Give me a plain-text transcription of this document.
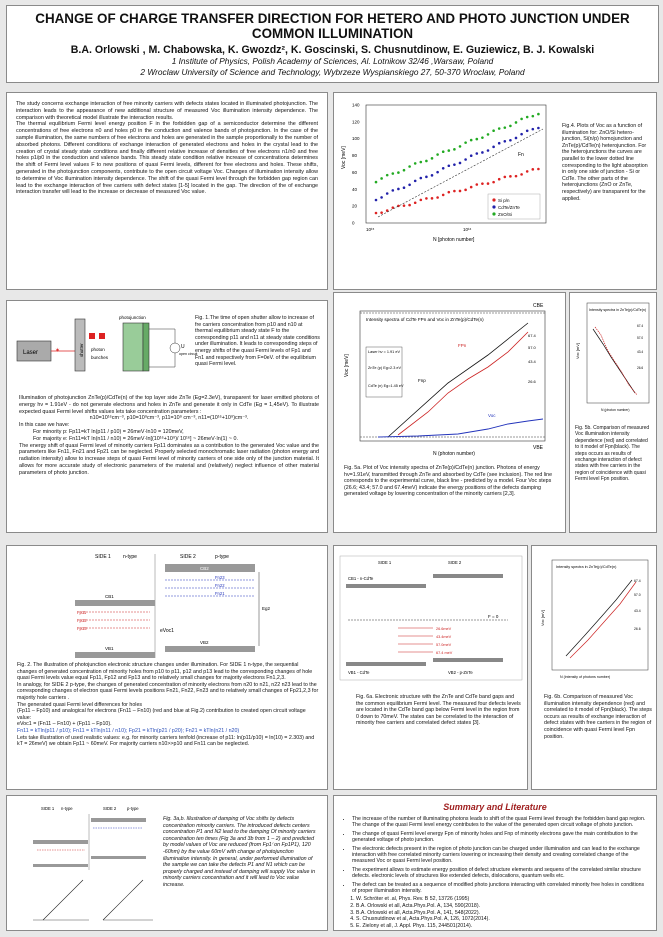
CHANGE OF CHARGE TRANSFER DIRECTION FOR HETERO AND PHOTO JUNCTION UNDER COMMON ILLUMINATION
B.A. Orlowski , M. Chabowska, K. Gwozdz², K. Goscinski, S. Chusnutdinow, E. Guziewicz, B. J. Kowalski
1 Institute of Physics, Polish Academy of Sciences, Al. Lotnikow 32/46 ,Warsaw, Poland
2 Wroclaw University of Science and Technology, Wybrzeze Wyspianskiego 27, 50-370 Wroclaw, Poland
The study concerns exchange interaction of free minority carriers with defects states located in illuminated photojunction. The interaction leads to the appearance of new additional structure of measured Voc illumination intensity dependence. The comparison with theoretical model illustrate the interaction results.
The thermal equilibrium Fermi level energy position F in the forbidden gap of a semiconductor determine the different concentrations of free electrons n0 and holes p0 in the conduction and valence bands of photojunction. In the case of the sample illumination, the same numbers of free electrons and holes are generated in the sample proportionally to the number of absorbed photons. Different conditions of exchange interaction of generated electrons and holes in the crystal lead to the creation of crystal steady state conditions and finally different relative increase of densities of free electrons n1/n0 and free holes p1/p0 in the conduction and valence bands. This steady state condition relative increase of concentrations determines the shift of Fermi level values F to new positions of quasi Fermi levels, different for free electrons and holes. These shifts, generated in the photojunction components, contribute to the open circuit voltage Voc. Changes of illumination intensity allow to determine of Voc illumination intensity dependence. The shift of the quasi Fermi level through the forbidden gap region can lead to the exchange interaction of free carriers with defect states [1-5] located in the gap. The direction of the of exchange interaction transfer will lead to the increase or decrease of measured Voc value.
0
20
40
60
80
100
120
140
Fn
Voc [meV]
N [photon number]
10¹⁵	10¹⁶
Si p/n
CdTe/ZnTe
ZnO/Si
Fig.4. Plots of Voc as a function of illumination for: ZnO/Si hetero-junction, Si(n/p) homojunction and ZnTe(p)/CdTe(n) heterojunction. For the heterojunctions the curves are parallel to the lower dotted line corresponding to the light absorption in only one side of junction - Si or CdTe. The other parts of the heterojunctions (ZnO or ZnTe, respectively) are transparent for the applied.
Laser	✶	shutter photon
bunches
photojunction
U
open circuit
Fig. 1.The time of open shutter allow to increase of fre carriers concentration from p10 and n10 at thermal equilibrium steady state F to the corresponding p11 and n11 at steady state conditions under illumination. It leads to corresponding steps of energy shifts of the quasi Fermi levels of Fp1 and Fn1 and respectively from F=0eV. of the equilibrium quasi Fermi level.
Illumination of photojunction ZnTe(p)/CdTe(n) of the top layer side ZnTe (Eg=2.3eV), transparent for laser emitted photons of energy hν = 1.91eV - do not generate electrons and holes in ZnTe and generate it only in CdTe (Eg = 1,45eV). To illustrate expected quasi Fermi level shifts values lets take concentration parameters :
n10=10¹⁶cm⁻³, p10=10⁹cm⁻³, p11=10⁹ cm⁻³, n11=(10¹⁶+10⁹)cm⁻³.
In this case we have:
For minority p: Fp11=kT ln(p11 / p10) = 26meV·ln10 = 120meV,
For majority e: Fn11=kT ln(n11 / n10) = 26meV·ln[(10¹⁶+10⁹)/ 10¹⁶] ~ 26meV·ln(1) ~ 0.
The energy shift of quasi Fermi level of minority carriers Fp11 dominates as a contribution to the generated Voc value and the parameters like Fn11, Fn21 and Fp21 can be neglected. Properly selected monochromatic laser radiation (photon energy and radiation intensity) allow to increase steps of quasi Fermi level of minority carriers of one side only of the junction material. It allows for more accurate study of electronic parameters of the material and (relatively) neglect influence of other material parameters of photo junction.
CBE
VBE
Intensity spectra of CdTe FPn and Voc in ZnTe(p)/CdTe(n)
Laser hν = 1.91 eV
ZnTe (p) Eg=2.3 eV
CdTe (n) Eg=1.45 eV
Fnp
FPn
Voc
67.4
57.0
43.4
26.6
Voc [meV]
N (photon number)
Fig. 5a. Plot of Voc intensity spectra of ZnTe(p)/CdTe(n) junction. Photons of energy hν=1.91eV, transmitted through ZnTe and absorbed by CdTe (see inclusion). The red line corresponds to the experimental curve, black line - predicted by a model. Four Voc steps (26.6; 43.4; 57.0 and 67.4meV) indicate the energy positions of the defects damping generated voltage by lowering concentration of the minority carriers [2,3].
Intensity spectra in ZnTe(p)/CdTe(n)
67.4
57.0
43.4
26.6
Voc [mV]
N (photon number)
Fig. 5b. Comparison of measured Voc illumination intensity dependence (red) and correlated to it model of Fpn(black). The steps occurs as results of exchange interaction of defect states with free carriers in the region of coincidence with quasi Fermi level Fpn position.
SIDE 1 n-type	SIDE 2	p-type
CB2
CB1
VB2
VB1
Fp11
Fp12
Fp13
Fn23
Fn22
Fn21
Eg2
eVoc1
Fig. 2. The illustration of photojunction electronic structure changes under illumination. For SIDE 1 n-type, the sequential changes of generated concentration of minority holes from p10 to p11, p12 and p13 lead to the corresponding changes of hole quasi Fermi levels value equal Fp11, Fp12 and Fp13 and to relatively small changes for majority electrons Fn1,2,3.
In analogy, for SIDE 2 p-type, the changes of generated concentration of minority electrons from n20 to n21, n22 n23 lead to the corresponding changes of electron quasi Fermi levels positions Fn21, Fn22, Fn23 and to relatively small changes of Fp21,2,3 for majority hole carriers .
The generated quasi Fermi level differences for holes
(Fp11 – Fp10) and analogical for electrons (Fn11 – Fn10) (red and blue at Fig.2) contribution to created open circuit voltage value:
eVoc1 = (Fn11 – Fn10) + (Fp11 – Fp10).
Fn11 = kTln(p11 / p10); Fn11 = kTln(n11 / n10); Fp21 = kTln(p21 / p20); Fn21 = kTln(n21 / n20)
Lets take illustration of used realistic values: e.g. for minority carriers tenfold (increase of p11: ln(p11/p10) = ln(10) = 2.303) and kT = 26meV) we obtain Fp11 ~ 60meV. For majority carriers n10>>p10 and Fn11 can be neglected.
SIDE 1	SIDE 2
CB1 - n-CdTe
F = 0
26.6meV
43.4meV
57.0meV
67.4 meV
VB1 - CdTe	VB2 - p-ZnTe
Fig. 6a. Electronic structure with the ZnTe and CdTe band gaps and the common equilibrium Fermi level. The measured four defects levels are located in the CdTe band gap below Fermi level in the region from 0 down to 70meV. The states can be correlated to the interaction of minority free carriers and correlated defect states [3].
Intensity spectra in ZnTe(p)/CdTe(n)
67.4
57.0
43.4
26.6
Voc [mV]
N (intensity of photons number)
Fig. 6b. Comparison of measured Voc illumination intensity dependence (red) and correlated to it model of Fpn(black). The steps occurs as results of exchange interaction of defect states with free carriers in the region of coincidence with quasi Fermi level Fpn position.
SIDE 1 n-type	SIDE 2	p-type
Fig. 3a,b. Illustration of damping of Voc shifts by defects concentration minority carriers. The introduced defects centers concentration P1 and N2 lead to the damping Of minority carriers concentration ten times (Fig 3a and 3b from 1 – 2) and predicted by model values of Voc are reduced (from Fp1ⁱ on Fp1P1), 120 -60hm) by the value 60mV with change of photojunction illumination intensity. In general, under performed illumination of the sample we can take the defects P1 and N1 which can be properly charged and instead of damping will supply Voc value in minority carriers concentration and it will lead to Voc value increase.
Summary and Literature
• The increase of the number of illuminating photons leads to shift of the quasi Fermi level through the forbidden band gap region. The change of the quasi Fermi level energy contributes to the value of the generated open circuit voltage of photo junction.
• The change of quasi Fermi level energy Fpn of minority holes and Fnp of minority electrons gave the main contribution to the generated voltage of photo junction.
• The electronic defects present in the region of photo junction can be charged under illumination and can lead to the exchange interaction with free correlated minority carriers lowering or increasing their density and creating correlated change of the measured Voc or quasi Fermi level position.
• The experiment allows to estimate energy position of defect structure elements and sequens of the correlated similar structure defects. electronic levels of structures like extended defects, dislocations, quantum wells etc.
• The defect can be treated as a sequence of modified photo junctions interacting with correlated minority free holes in conditions of proper illumination intensity.
1. W. Schröter et .al, Phys. Rev. B 52, 13726 (1995)
2. B.A. Orlowski et all, Acta.Phys.Pol. A, 134, 590(2018).
3. B.A. Orlowski et all, Acta.Phys.Pol. A, 141, 548(2022).
4. S. Chusnutdinow et al, Acta.Phys.Pol. A, 126, 1072(2014).
5. E. Zielony et all, J. Appl. Phys. 115, 244501(2014).
